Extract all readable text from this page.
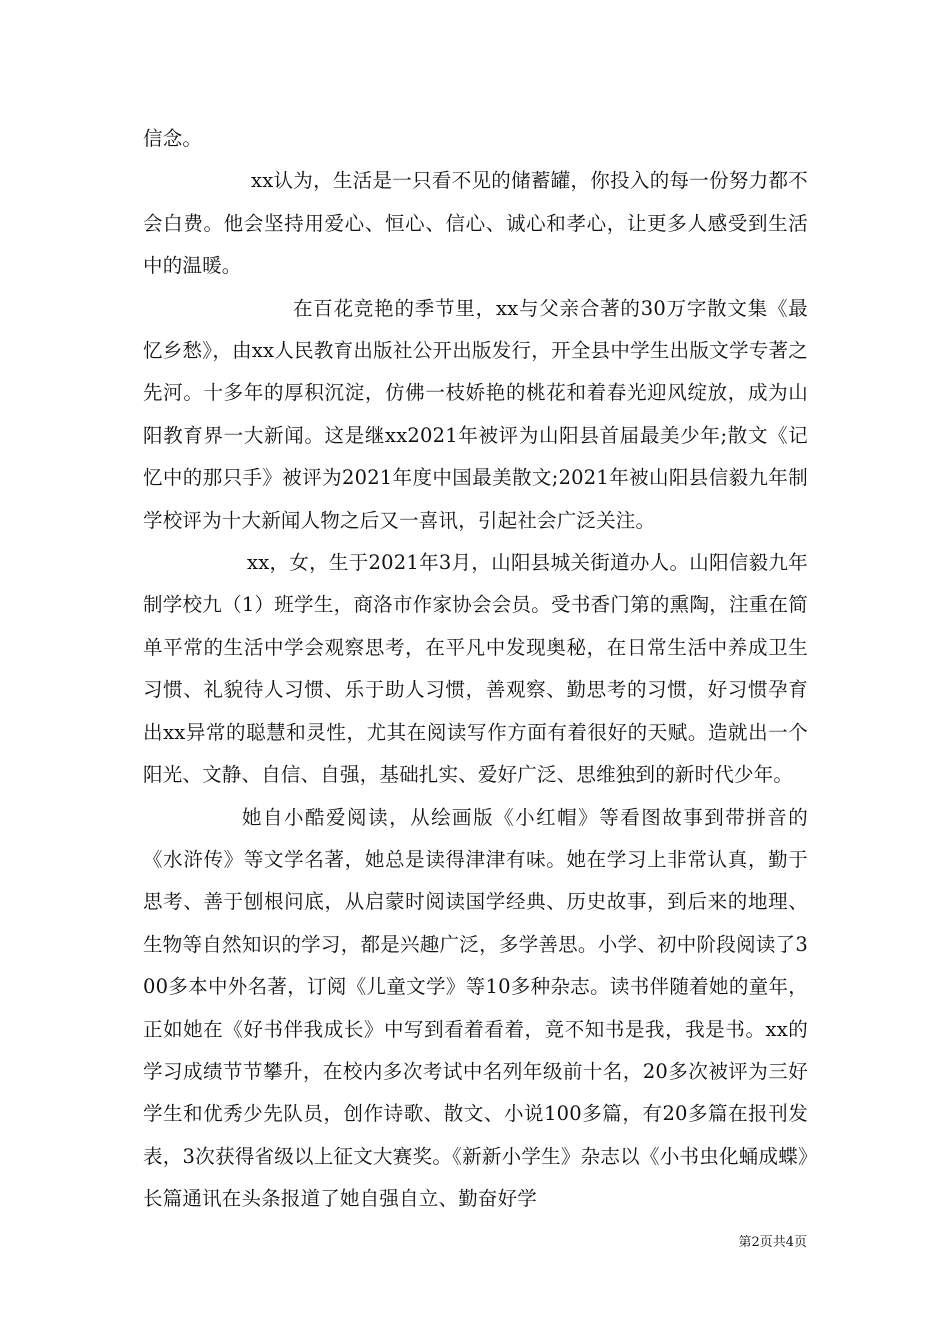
信念。

xx认为，生活是一只看不见的储蓄罐，你投入的每一份努力都不会白费。他会坚持用爱心、恒心、信心、诚心和孝心，让更多人感受到生活中的温暖。

在百花竞艳的季节里，xx与父亲合著的30万字散文集《最忆乡愁》，由xx人民教育出版社公开出版发行，开全县中学生出版文学专著之先河。十多年的厚积沉淀，仿佛一枝娇艳的桃花和着春光迎风绽放，成为山阳教育界一大新闻。这是继xx2021年被评为山阳县首届最美少年;散文《记忆中的那只手》被评为2021年度中国最美散文;2021年被山阳县信毅九年制学校评为十大新闻人物之后又一喜讯，引起社会广泛关注。

xx，女，生于2021年3月，山阳县城关街道办人。山阳信毅九年制学校九（1）班学生，商洛市作家协会会员。受书香门第的熏陶，注重在简单平常的生活中学会观察思考，在平凡中发现奥秘，在日常生活中养成卫生习惯、礼貌待人习惯、乐于助人习惯，善观察、勤思考的习惯，好习惯孕育出xx异常的聪慧和灵性，尤其在阅读写作方面有着很好的天赋。造就出一个阳光、文静、自信、自强，基础扎实、爱好广泛、思维独到的新时代少年。

她自小酷爱阅读，从绘画版《小红帽》等看图故事到带拼音的《水浒传》等文学名著，她总是读得津津有味。她在学习上非常认真，勤于思考、善于刨根问底，从启蒙时阅读国学经典、历史故事，到后来的地理、生物等自然知识的学习，都是兴趣广泛，多学善思。小学、初中阶段阅读了300多本中外名著，订阅《儿童文学》等10多种杂志。读书伴随着她的童年，正如她在《好书伴我成长》中写到看着看着，竟不知书是我，我是书。xx的学习成绩节节攀升，在校内多次考试中名列年级前十名，20多次被评为三好学生和优秀少先队员，创作诗歌、散文、小说100多篇，有20多篇在报刊发表，3次获得省级以上征文大赛奖。《新新小学生》杂志以《小书虫化蛹成蝶》长篇通讯在头条报道了她自强自立、勤奋好学

第2页共4页
